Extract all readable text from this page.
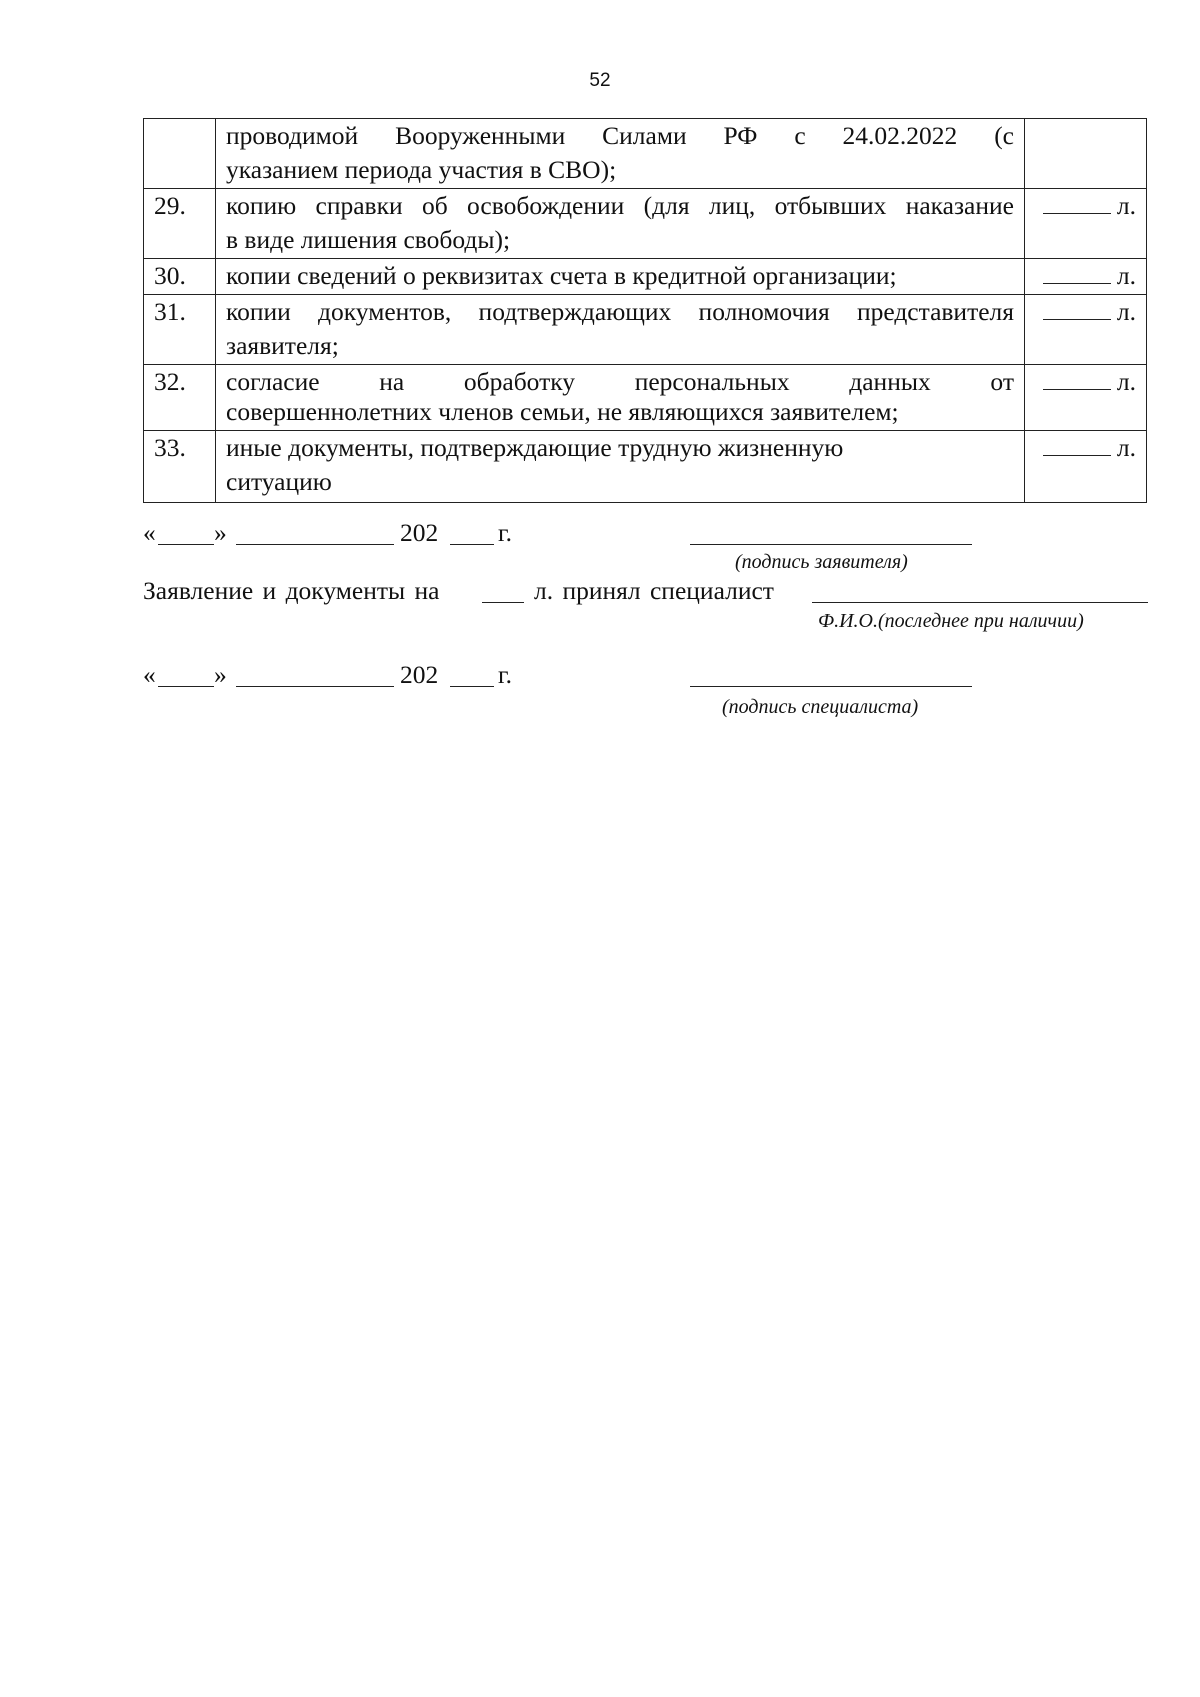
52

	проводимой Вооруженными Силами РФ с 24.02.2022 (с
указанием периода участия в СВО);	

29.	копию справки об освобождении (для лиц, отбывших наказание
в виде лишения свободы);	л.
30.	копии сведений о реквизитах счета в кредитной организации;	л.
31.	копии документов, подтверждающих полномочия представителя
заявителя;	л.
32.	согласие на обработку персональных данных от
совершеннолетних членов семьи, не являющихся заявителем;	л.
33.	иные документы, подтверждающие трудную жизненную
ситуацию	л.
« »	202 г.
(подпись заявителя)
Заявление и документы на	л. принял специалист
Ф.И.О.(последнее при наличии)
« »	202 г.
(подпись специалиста)
